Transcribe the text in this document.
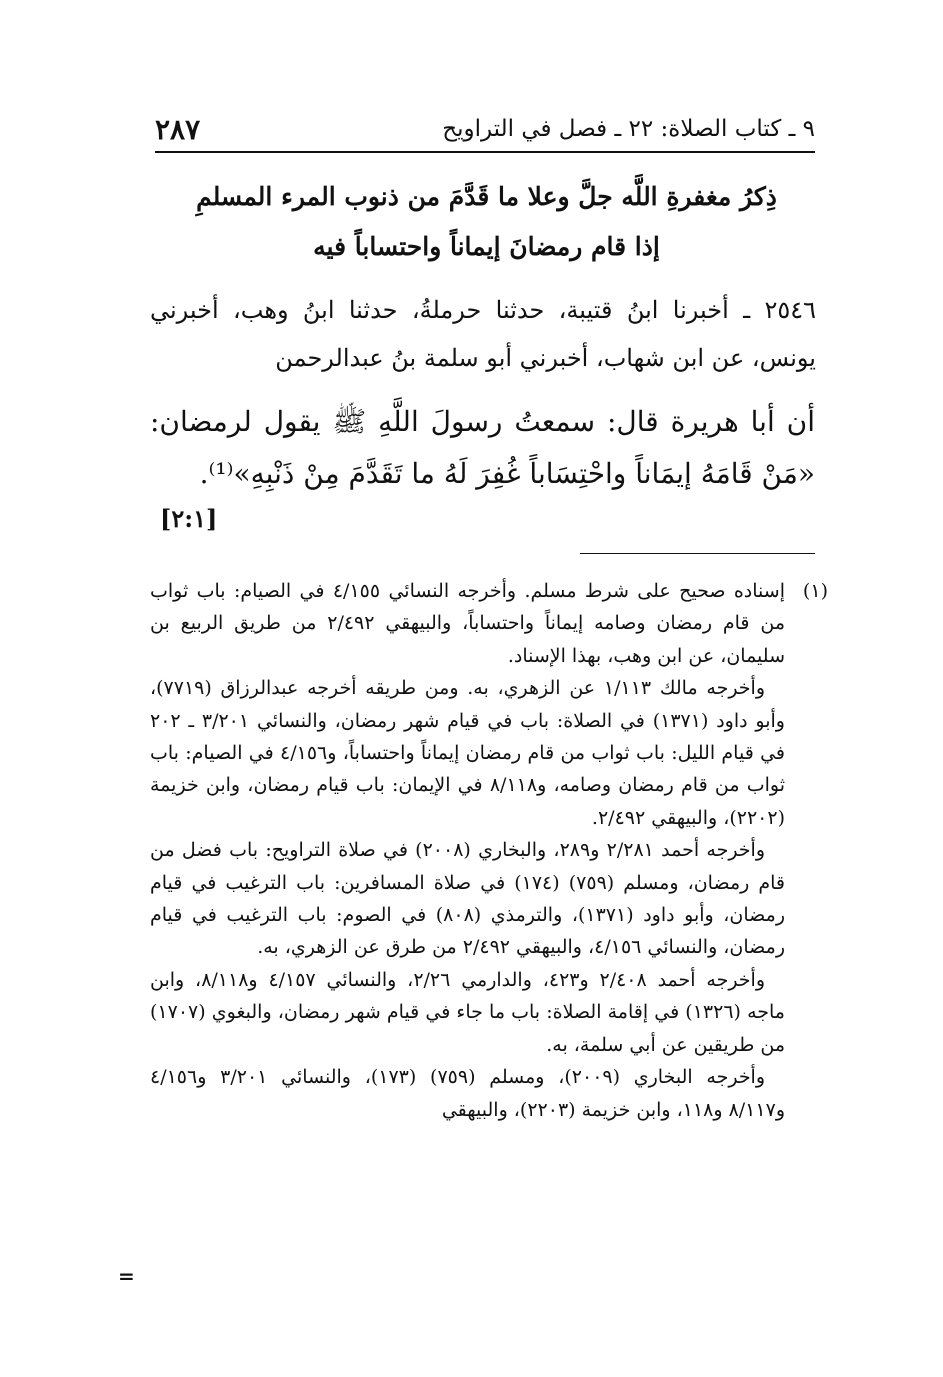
٩ ـ كتاب الصلاة: ٢٢ ـ فصل في التراويح
٢٨٧
ذِكرُ مغفرةِ اللَّه جلَّ وعلا ما قَدَّمَ من ذنوب المرء المسلمِ
إذا قام رمضانَ إيماناً واحتساباً فيه

٢٥٤٦ ـ أخبرنا ابنُ قتيبة، حدثنا حرملةُ، حدثنا ابنُ وهب، أخبرني يونس، عن ابن شهاب، أخبرني أبو سلمة بنُ عبدالرحمن

أن أبا هريرة قال: سمعتُ رسولَ اللَّهِ ﷺ يقول لرمضان: «مَنْ قَامَهُ إيمَاناً واحْتِسَاباً غُفِرَ لَهُ ما تَقَدَّمَ مِنْ ذَنْبِهِ»⁽¹⁾.

[٢:١]

(١)إسناده صحيح على شرط مسلم. وأخرجه النسائي ٤/١٥٥ في الصيام: باب ثواب من قام رمضان وصامه إيماناً واحتساباً، والبيهقي ٢/٤٩٢ من طريق الربيع بن سليمان، عن ابن وهب، بهذا الإسناد.

وأخرجه مالك ١/١١٣ عن الزهري، به. ومن طريقه أخرجه عبدالرزاق (٧٧١٩)، وأبو داود (١٣٧١) في الصلاة: باب في قيام شهر رمضان، والنسائي ٣/٢٠١ ـ ٢٠٢ في قيام الليل: باب ثواب من قام رمضان إيماناً واحتساباً، و٤/١٥٦ في الصيام: باب ثواب من قام رمضان وصامه، و٨/١١٨ في الإيمان: باب قيام رمضان، وابن خزيمة (٢٢٠٢)، والبيهقي ٢/٤٩٢.

وأخرجه أحمد ٢/٢٨١ و٢٨٩، والبخاري (٢٠٠٨) في صلاة التراويح: باب فضل من قام رمضان، ومسلم (٧٥٩) (١٧٤) في صلاة المسافرين: باب الترغيب في قيام رمضان، وأبو داود (١٣٧١)، والترمذي (٨٠٨) في الصوم: باب الترغيب في قيام رمضان، والنسائي ٤/١٥٦، والبيهقي ٢/٤٩٢ من طرق عن الزهري، به.

وأخرجه أحمد ٢/٤٠٨ و٤٢٣، والدارمي ٢/٢٦، والنسائي ٤/١٥٧ و٨/١١٨، وابن ماجه (١٣٢٦) في إقامة الصلاة: باب ما جاء في قيام شهر رمضان، والبغوي (١٧٠٧) من طريقين عن أبي سلمة، به.

وأخرجه البخاري (٢٠٠٩)، ومسلم (٧٥٩) (١٧٣)، والنسائي ٣/٢٠١ و٤/١٥٦ و٨/١١٧ و١١٨، وابن خزيمة (٢٢٠٣)، والبيهقي

=
